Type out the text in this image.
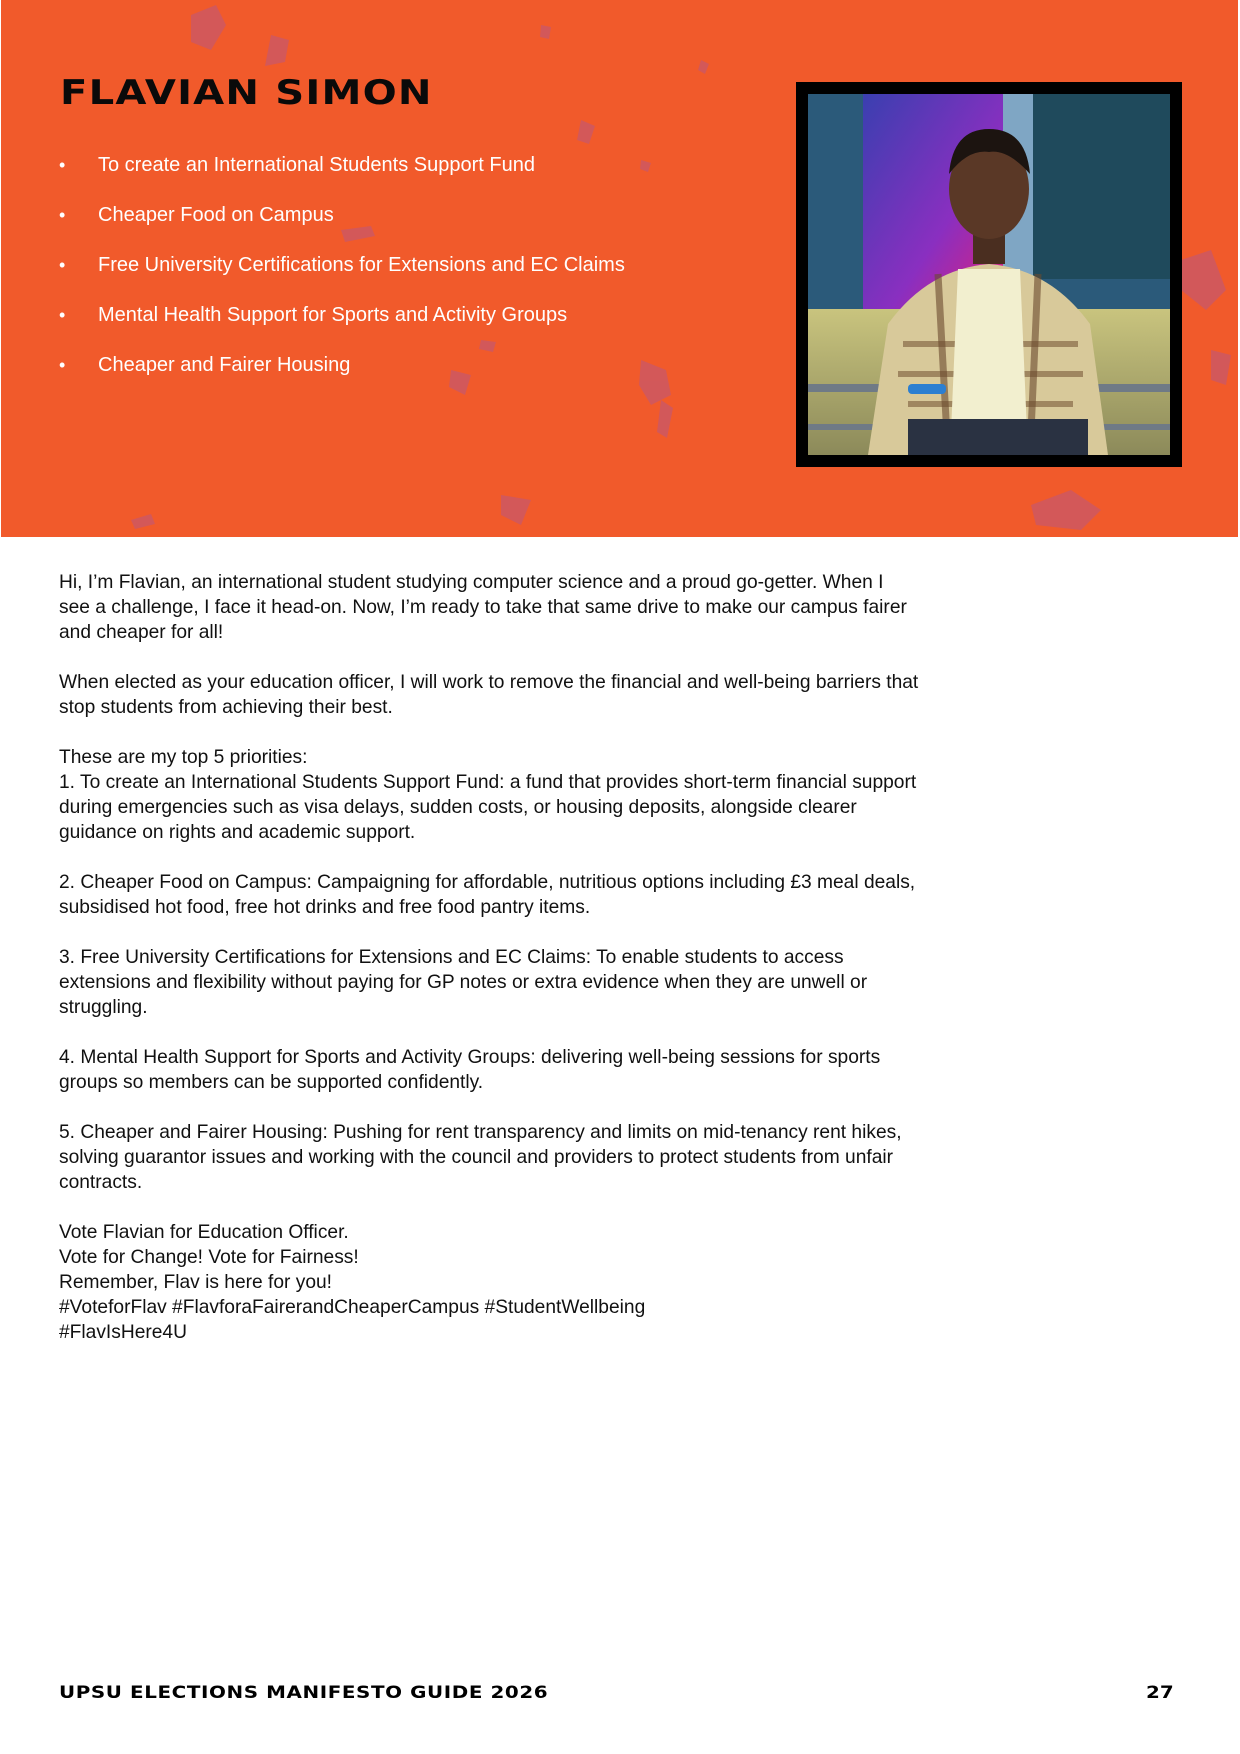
FLAVIAN SIMON
• To create an International Students Support Fund
• Cheaper Food on Campus
• Free University Certifications for Extensions and EC Claims
• Mental Health Support for Sports and Activity Groups
• Cheaper and Fairer Housing

Hi, I’m Flavian, an international student studying computer science and a proud go-getter. When I see a challenge, I face it head-on. Now, I’m ready to take that same drive to make our campus fairer and cheaper for all!

When elected as your education officer, I will work to remove the financial and well-being barriers that stop students from achieving their best.

These are my top 5 priorities:

1. To create an International Students Support Fund: a fund that provides short-term financial support during emergencies such as visa delays, sudden costs, or housing deposits, alongside clearer guidance on rights and academic support.

2. Cheaper Food on Campus: Campaigning for affordable, nutritious options including £3 meal deals, subsidised hot food, free hot drinks and free food pantry items.

3. Free University Certifications for Extensions and EC Claims: To enable students to access extensions and flexibility without paying for GP notes or extra evidence when they are unwell or struggling.

4. Mental Health Support for Sports and Activity Groups: delivering well-being sessions for sports groups so members can be supported confidently.

5. Cheaper and Fairer Housing: Pushing for rent transparency and limits on mid-tenancy rent hikes, solving guarantor issues and working with the council and providers to protect students from unfair contracts.

Vote Flavian for Education Officer.

Vote for Change! Vote for Fairness!

Remember, Flav is here for you!

#VoteforFlav #FlavforaFairerandCheaperCampus #StudentWellbeing #FlavIsHere4U

UPSU ELECTIONS MANIFESTO GUIDE 2026	27
